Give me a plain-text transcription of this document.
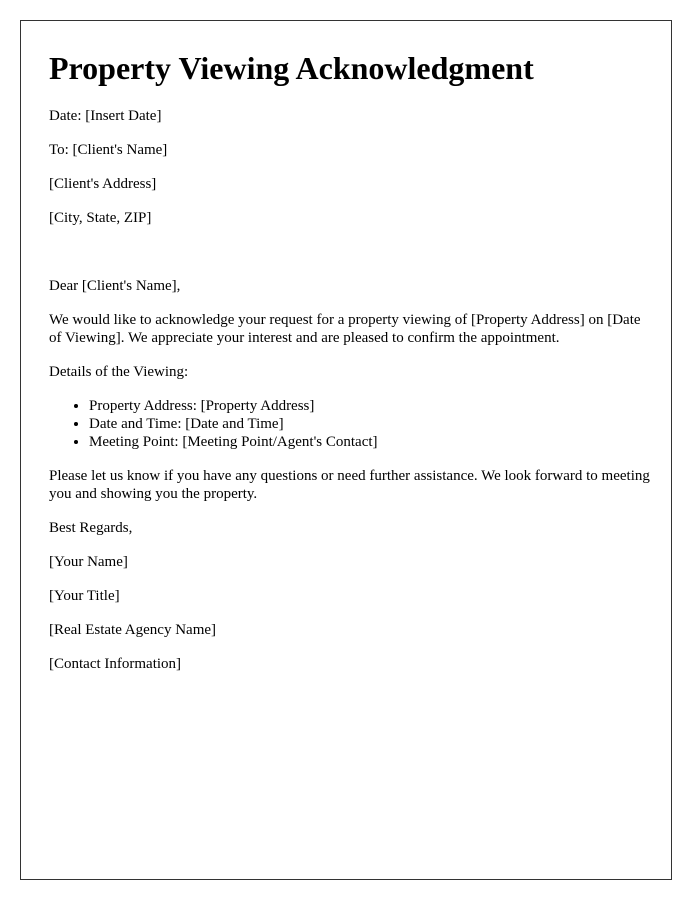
Property Viewing Acknowledgment

Date: [Insert Date]

To: [Client's Name]

[Client's Address]

[City, State, ZIP]

Dear [Client's Name],

We would like to acknowledge your request for a property viewing of [Property Address] on [Date of Viewing]. We appreciate your interest and are pleased to confirm the appointment.

Details of the Viewing:

• Property Address: [Property Address]
• Date and Time: [Date and Time]
• Meeting Point: [Meeting Point/Agent's Contact]

Please let us know if you have any questions or need further assistance. We look forward to meeting you and showing you the property.

Best Regards,

[Your Name]

[Your Title]

[Real Estate Agency Name]

[Contact Information]
